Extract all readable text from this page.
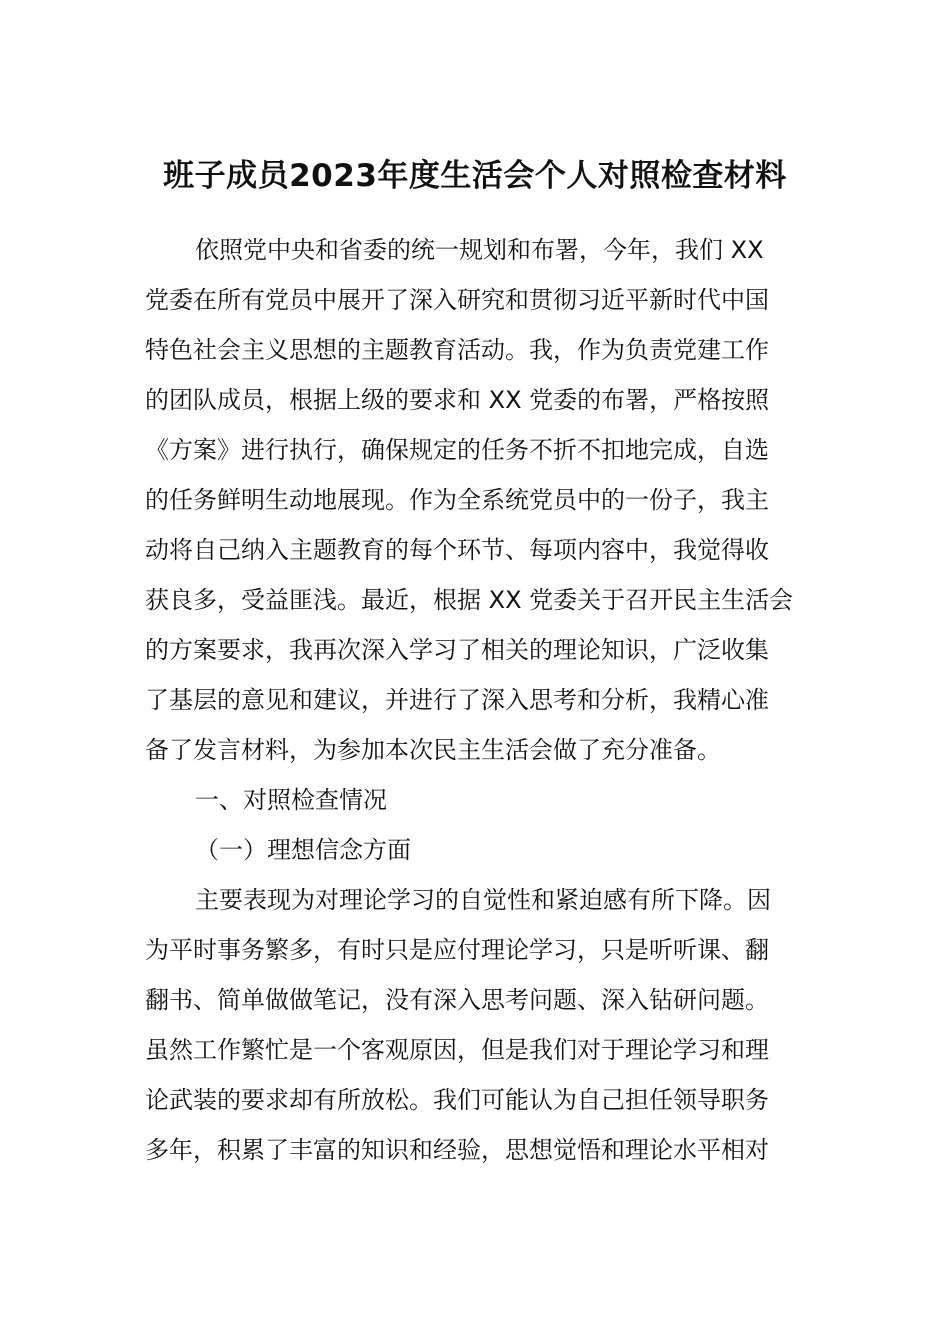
班子成员2023年度生活会个人对照检查材料
依照党中央和省委的统一规划和布署，今年，我们 XX
党委在所有党员中展开了深入研究和贯彻习近平新时代中国
特色社会主义思想的主题教育活动。我，作为负责党建工作
的团队成员，根据上级的要求和 XX 党委的布署，严格按照
《方案》进行执行，确保规定的任务不折不扣地完成，自选
的任务鲜明生动地展现。作为全系统党员中的一份子，我主
动将自己纳入主题教育的每个环节、每项内容中，我觉得收
获良多，受益匪浅。最近，根据 XX 党委关于召开民主生活会
的方案要求，我再次深入学习了相关的理论知识，广泛收集
了基层的意见和建议，并进行了深入思考和分析，我精心准
备了发言材料，为参加本次民主生活会做了充分准备。
一、对照检查情况
（一）理想信念方面
主要表现为对理论学习的自觉性和紧迫感有所下降。因
为平时事务繁多，有时只是应付理论学习，只是听听课、翻
翻书、简单做做笔记，没有深入思考问题、深入钻研问题。
虽然工作繁忙是一个客观原因，但是我们对于理论学习和理
论武装的要求却有所放松。我们可能认为自己担任领导职务
多年，积累了丰富的知识和经验，思想觉悟和理论水平相对
